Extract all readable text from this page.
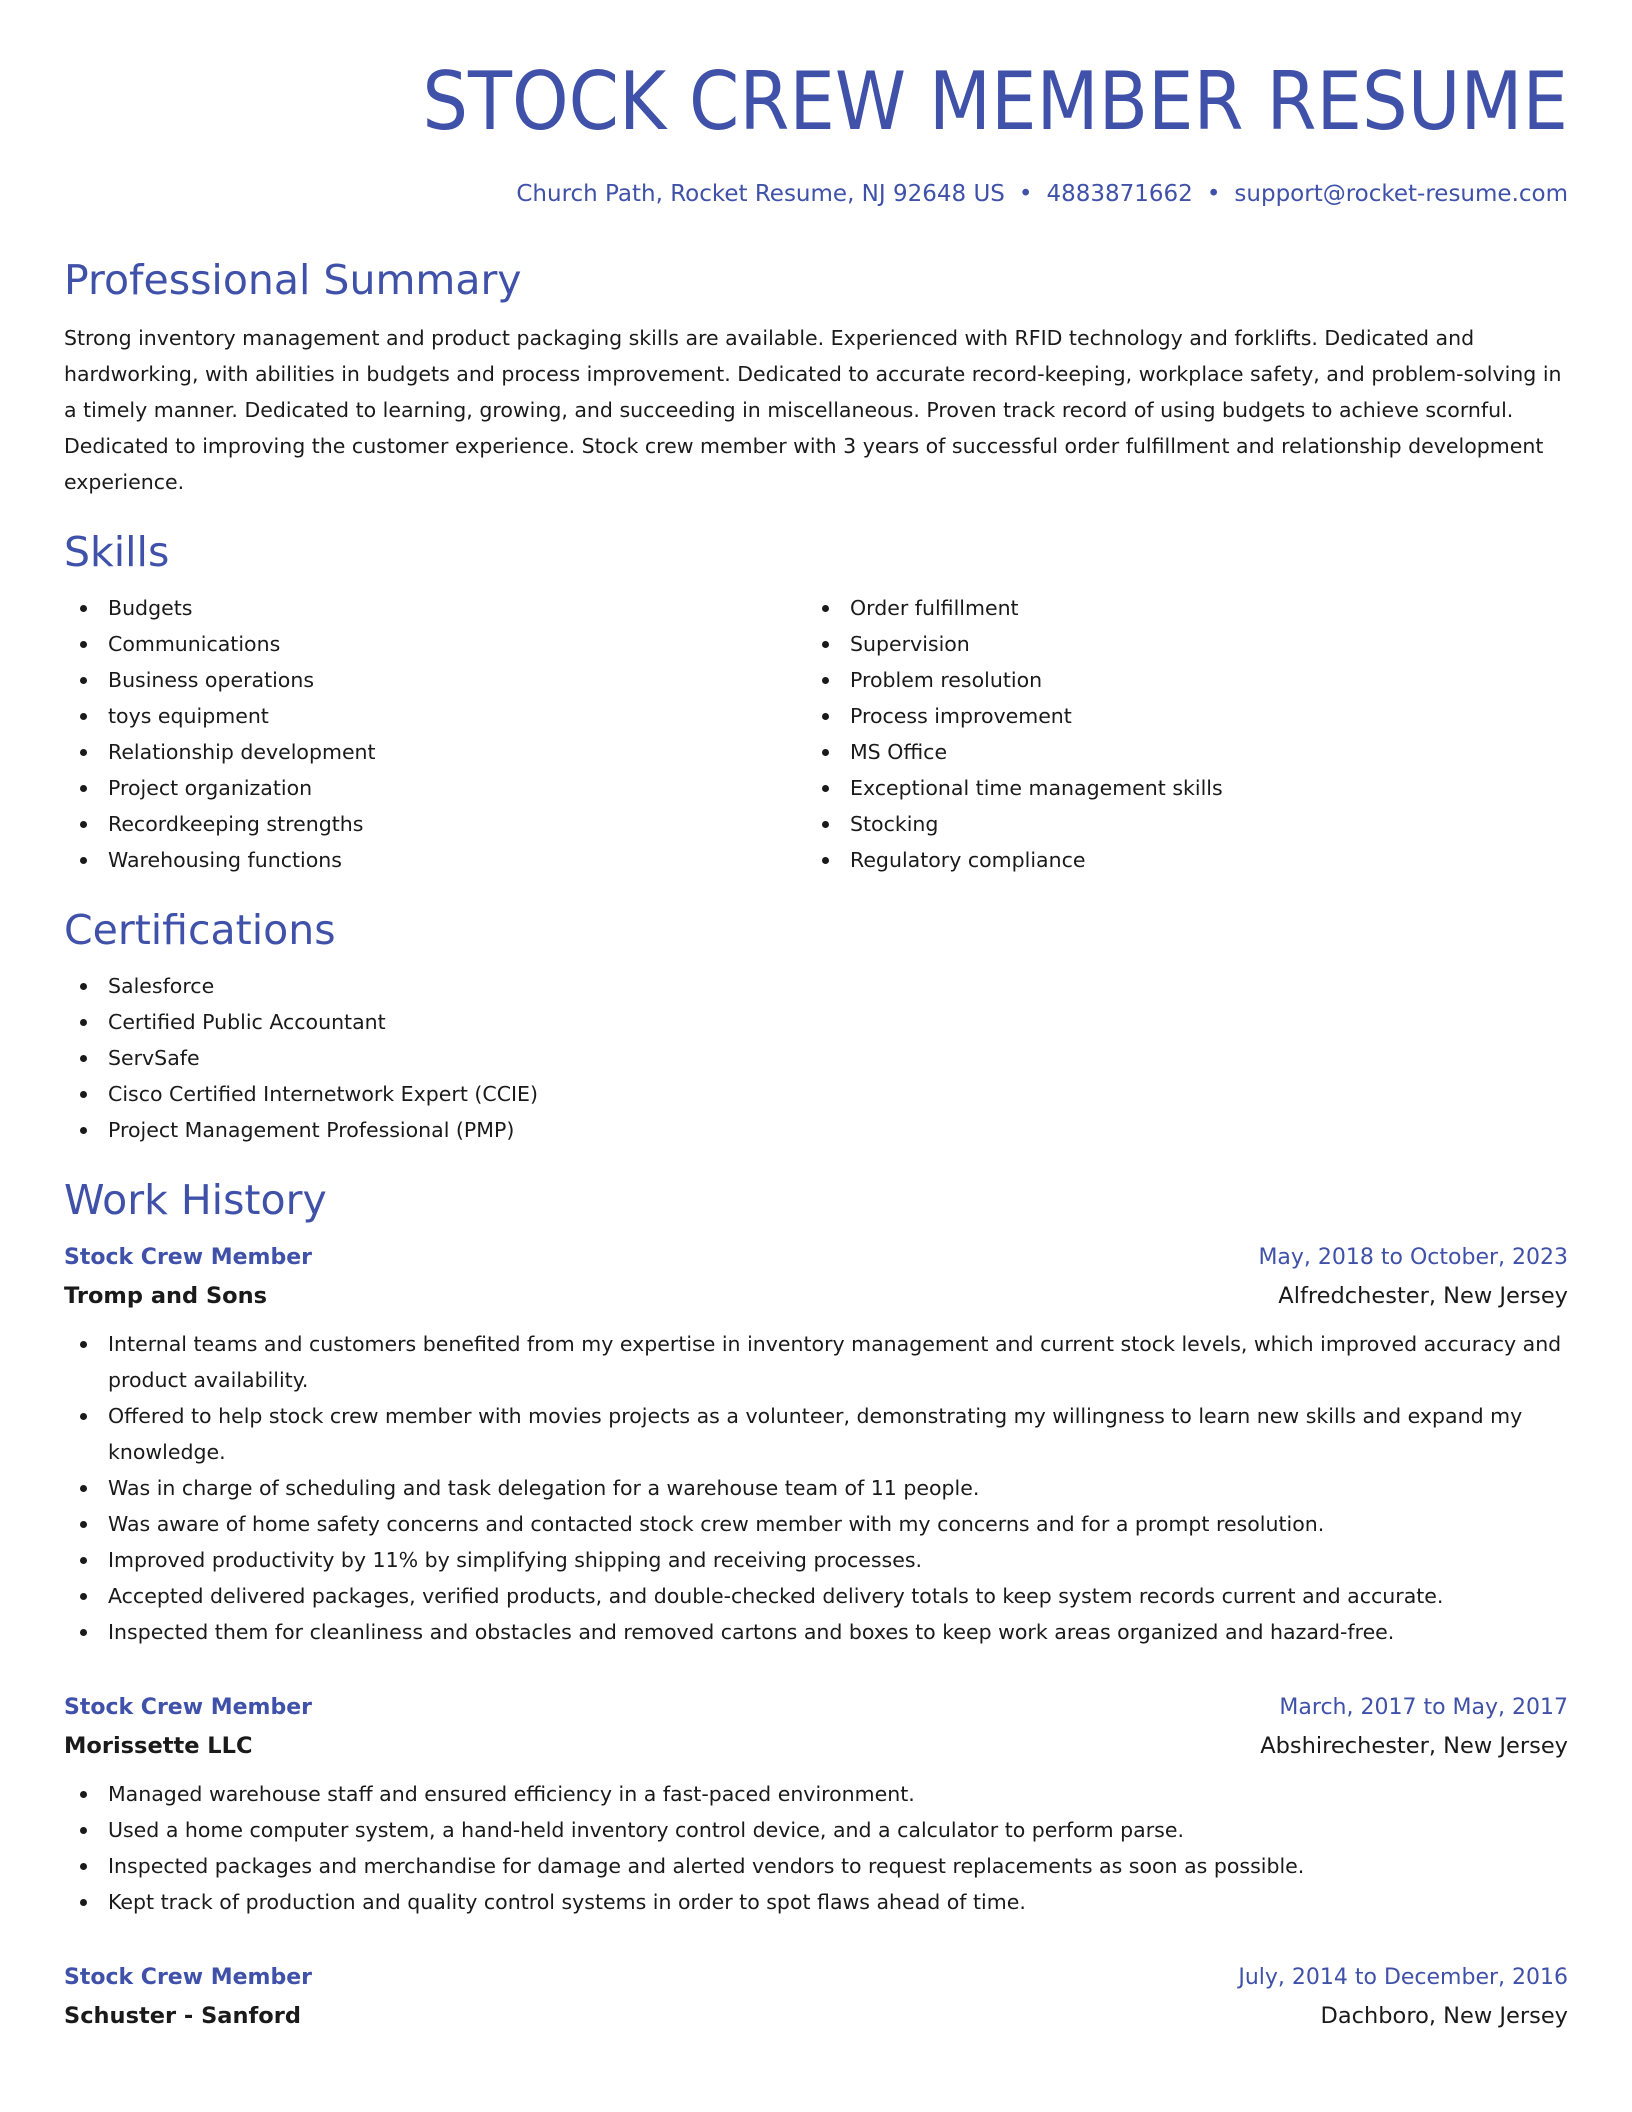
STOCK CREW MEMBER RESUME
Church Path, Rocket Resume, NJ 92648 US • 4883871662 • support@rocket-resume.com
Professional Summary
Strong inventory management and product packaging skills are available. Experienced with RFID technology and forklifts. Dedicated and hardworking, with abilities in budgets and process improvement. Dedicated to accurate record-keeping, workplace safety, and problem-solving in a timely manner. Dedicated to learning, growing, and succeeding in miscellaneous. Proven track record of using budgets to achieve scornful. Dedicated to improving the customer experience. Stock crew member with 3 years of successful order fulfillment and relationship development experience.
Skills
Budgets
Communications
Business operations
toys equipment
Relationship development
Project organization
Recordkeeping strengths
Warehousing functions
Order fulfillment
Supervision
Problem resolution
Process improvement
MS Office
Exceptional time management skills
Stocking
Regulatory compliance
Certifications
Salesforce
Certified Public Accountant
ServSafe
Cisco Certified Internetwork Expert (CCIE)
Project Management Professional (PMP)
Work History
Stock Crew Member	May, 2018 to October, 2023
Tromp and Sons	Alfredchester, New Jersey
Internal teams and customers benefited from my expertise in inventory management and current stock levels, which improved accuracy and product availability.
Offered to help stock crew member with movies projects as a volunteer, demonstrating my willingness to learn new skills and expand my knowledge.
Was in charge of scheduling and task delegation for a warehouse team of 11 people.
Was aware of home safety concerns and contacted stock crew member with my concerns and for a prompt resolution.
Improved productivity by 11% by simplifying shipping and receiving processes.
Accepted delivered packages, verified products, and double-checked delivery totals to keep system records current and accurate.
Inspected them for cleanliness and obstacles and removed cartons and boxes to keep work areas organized and hazard-free.
Stock Crew Member	March, 2017 to May, 2017
Morissette LLC	Abshirechester, New Jersey
Managed warehouse staff and ensured efficiency in a fast-paced environment.
Used a home computer system, a hand-held inventory control device, and a calculator to perform parse.
Inspected packages and merchandise for damage and alerted vendors to request replacements as soon as possible.
Kept track of production and quality control systems in order to spot flaws ahead of time.
Stock Crew Member	July, 2014 to December, 2016
Schuster - Sanford	Dachboro, New Jersey
